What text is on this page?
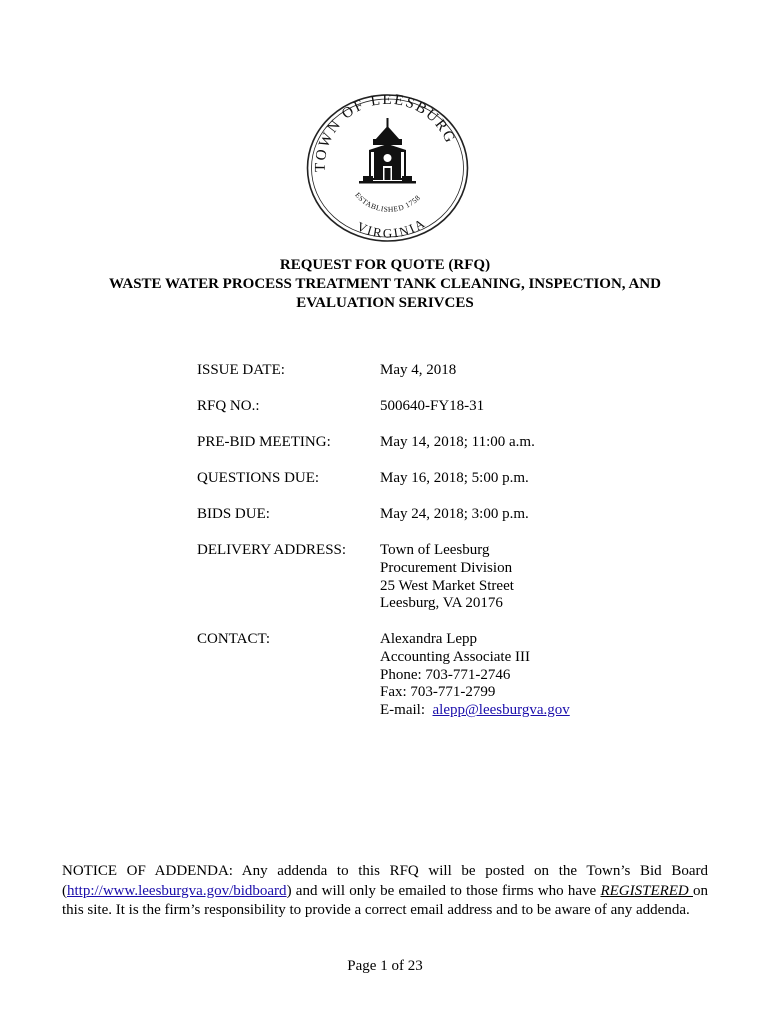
TOWN OF LEESBURG
VIRGINIA
ESTABLISHED 1758
REQUEST FOR QUOTE (RFQ)
WASTE WATER PROCESS TREATMENT TANK CLEANING, INSPECTION, AND
EVALUATION SERIVCES
ISSUE DATE:	May 4, 2018
RFQ NO.:	500640-FY18-31
PRE-BID MEETING:	May 14, 2018; 11:00 a.m.
QUESTIONS DUE:	May 16, 2018; 5:00 p.m.
BIDS DUE:	May 24, 2018; 3:00 p.m.
DELIVERY ADDRESS: Town of Leesburg
Procurement Division
25 West Market Street
Leesburg, VA 20176
CONTACT:	Alexandra Lepp
Accounting Associate III
Phone: 703-771-2746
Fax: 703-771-2799
E-mail:  alepp@leesburgva.gov
NOTICE OF ADDENDA: Any addenda to this RFQ will be posted on the Town’s Bid Board
(http://www.leesburgva.gov/bidboard) and will only be emailed to those firms who have REGISTERED on
this site. It is the firm’s responsibility to provide a correct email address and to be aware of any addenda.
Page 1 of 23
